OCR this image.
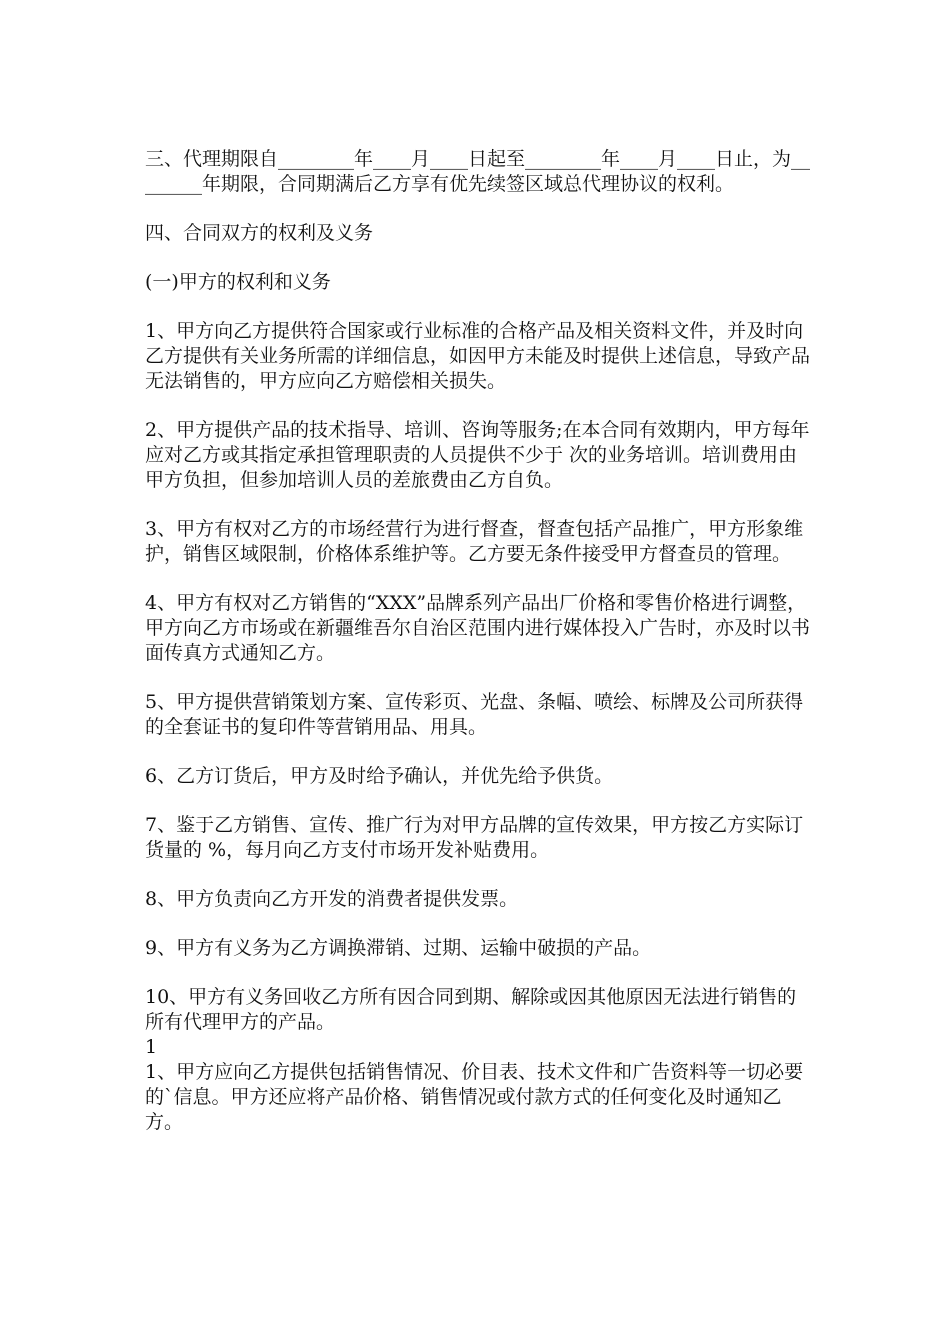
三、代理期限自________年____月____日起至________年____月____日止，为________年期限，合同期满后乙方享有优先续签区域总代理协议的权利。

四、合同双方的权利及义务

(一)甲方的权利和义务

1、甲方向乙方提供符合国家或行业标准的合格产品及相关资料文件，并及时向乙方提供有关业务所需的详细信息，如因甲方未能及时提供上述信息，导致产品无法销售的，甲方应向乙方赔偿相关损失。

2、甲方提供产品的技术指导、培训、咨询等服务;在本合同有效期内，甲方每年应对乙方或其指定承担管理职责的人员提供不少于 次的业务培训。培训费用由甲方负担，但参加培训人员的差旅费由乙方自负。

3、甲方有权对乙方的市场经营行为进行督查，督查包括产品推广，甲方形象维护，销售区域限制，价格体系维护等。乙方要无条件接受甲方督查员的管理。

4、甲方有权对乙方销售的“XXX”品牌系列产品出厂价格和零售价格进行调整，甲方向乙方市场或在新疆维吾尔自治区范围内进行媒体投入广告时，亦及时以书面传真方式通知乙方。

5、甲方提供营销策划方案、宣传彩页、光盘、条幅、喷绘、标牌及公司所获得的全套证书的复印件等营销用品、用具。

6、乙方订货后，甲方及时给予确认，并优先给予供货。

7、鉴于乙方销售、宣传、推广行为对甲方品牌的宣传效果，甲方按乙方实际订货量的 %，每月向乙方支付市场开发补贴费用。

8、甲方负责向乙方开发的消费者提供发票。

9、甲方有义务为乙方调换滞销、过期、运输中破损的产品。

10、甲方有义务回收乙方所有因合同到期、解除或因其他原因无法进行销售的所有代理甲方的产品。

1

1、甲方应向乙方提供包括销售情况、价目表、技术文件和广告资料等一切必要的`信息。甲方还应将产品价格、销售情况或付款方式的任何变化及时通知乙方。
